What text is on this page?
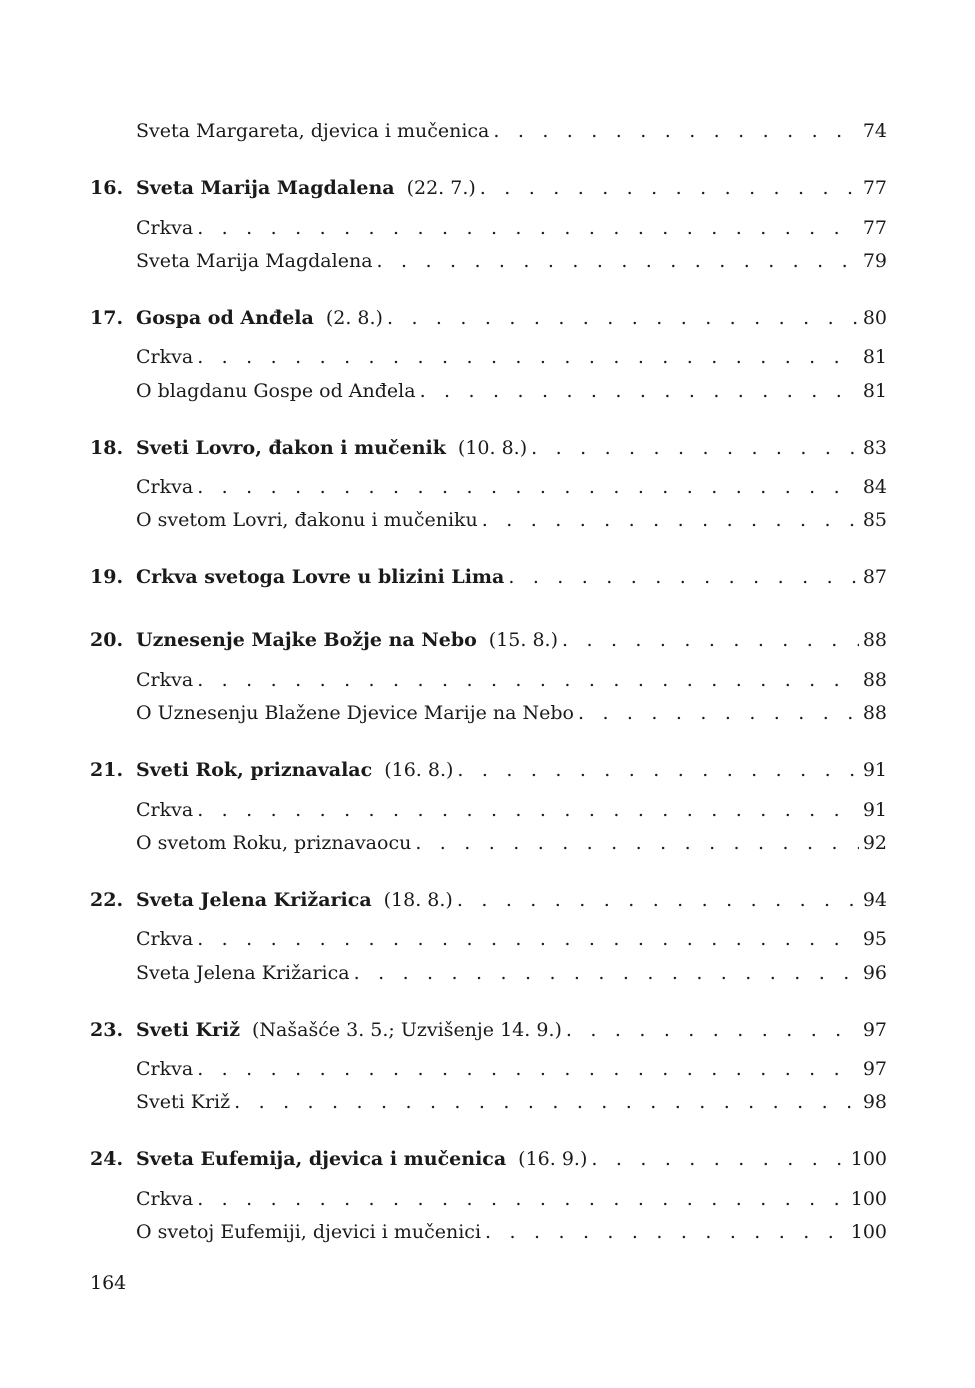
Sveta Margareta, djevica i mučenica . . .	74
16. Sveta Marija Magdalena (22. 7.) . . .	77
Crkva . . .	77
Sveta Marija Magdalena . . .	79
17. Gospa od Anđela (2. 8.) . . .	80
Crkva . . .	81
O blagdanu Gospe od Anđela . . .	81
18. Sveti Lovro, đakon i mučenik (10. 8.) . . .	83
Crkva . . .	84
O svetom Lovri, đakonu i mučeniku . . .	85
19. Crkva svetoga Lovre u blizini Lima . . .	87
20. Uznesenje Majke Božje na Nebo (15. 8.) . . .	88
Crkva . . .	88
O Uznesenju Blažene Djevice Marije na Nebo . . .	88
21. Sveti Rok, priznavalac (16. 8.) . . .	91
Crkva . . .	91
O svetom Roku, priznavaocu . . .	92
22. Sveta Jelena Križarica (18. 8.) . . .	94
Crkva . . .	95
Sveta Jelena Križarica . . .	96
23. Sveti Križ (Našašće 3. 5.; Uzvišenje 14. 9.) . . .	97
Crkva . . .	97
Sveti Križ . . .	98
24. Sveta Eufemija, djevica i mučenica (16. 9.) . . .	100
Crkva . . .	100
O svetoj Eufemiji, djevici i mučenici . . .	100
164
